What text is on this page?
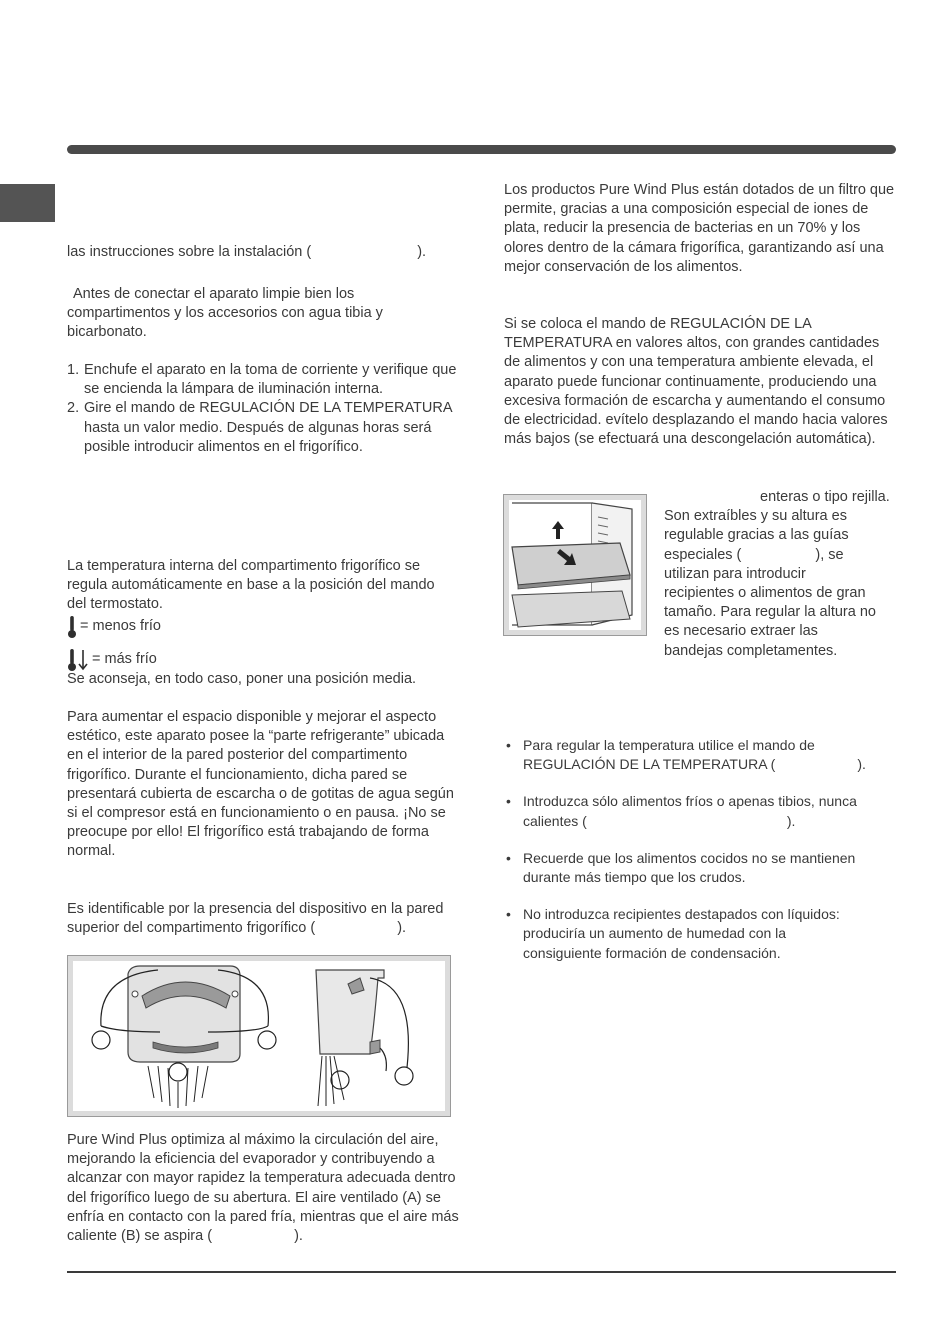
las instrucciones sobre la instalación (	).

Antes de conectar el aparato limpie bien los compartimentos y los accesorios con agua tibia y bicarbonato.

1. Enchufe el aparato en la toma de corriente y verifique que se encienda la lámpara de iluminación interna.
2. Gire el mando de REGULACIÓN DE LA TEMPERATURA hasta un valor medio. Después de algunas horas será posible introducir alimentos en el frigorífico.

La temperatura interna del compartimento frigorífico se regula automáticamente en base a la posición del mando del termostato.

= menos frío
= más frío

Se aconseja, en todo caso, poner una posición media.

Para aumentar el espacio disponible y mejorar el aspecto estético, este aparato posee la “parte refrigerante” ubicada en el interior de la pared posterior del compartimento frigorífico. Durante el funcionamiento, dicha pared se presentará cubierta de escarcha o de gotitas de agua según si el compresor está en funcionamiento o en pausa. ¡No se preocupe por ello! El frigorífico está trabajando de forma normal.

Es identificable por la presencia del dispositivo en la pared superior del compartimento frigorífico (	).
Pure Wind Plus optimiza al máximo la circulación del aire, mejorando la eficiencia del evaporador y contribuyendo a alcanzar con mayor rapidez la temperatura adecuada dentro del frigorífico luego de su abertura. El aire ventilado (A) se enfría en contacto con la pared fría, mientras que el aire más caliente (B) se aspira (	).

Los productos Pure Wind Plus están dotados de un filtro que permite, gracias a una composición especial de iones de plata, reducir la presencia de bacterias en un 70% y los olores dentro de la cámara frigorífica, garantizando así una mejor conservación de los alimentos.

Si se coloca el mando de REGULACIÓN DE LA TEMPERATURA en valores altos, con grandes cantidades de alimentos y con una temperatura ambiente elevada, el aparato puede funcionar continuamente, produciendo una excesiva formación de escarcha y aumentando el consumo de electricidad. evítelo desplazando el mando hacia valores más bajos (se efectuará una descongelación automática).

enteras o tipo rejilla.

Son extraíbles y su altura es

regulable gracias a las guías

especiales (	), se

utilizan para introducir

recipientes o alimentos de gran

tamaño. Para regular la altura no

es necesario extraer las

bandejas completamentes.

• Para regular la temperatura utilice el mando de

REGULACIÓN DE LA TEMPERATURA (	).

• Introduzca sólo alimentos fríos o apenas tibios, nunca

calientes (	).

• Recuerde que los alimentos cocidos no se mantienen

durante más tiempo que los crudos.

• No introduzca recipientes destapados con líquidos:

produciría un aumento de humedad con la

consiguiente formación de condensación.
